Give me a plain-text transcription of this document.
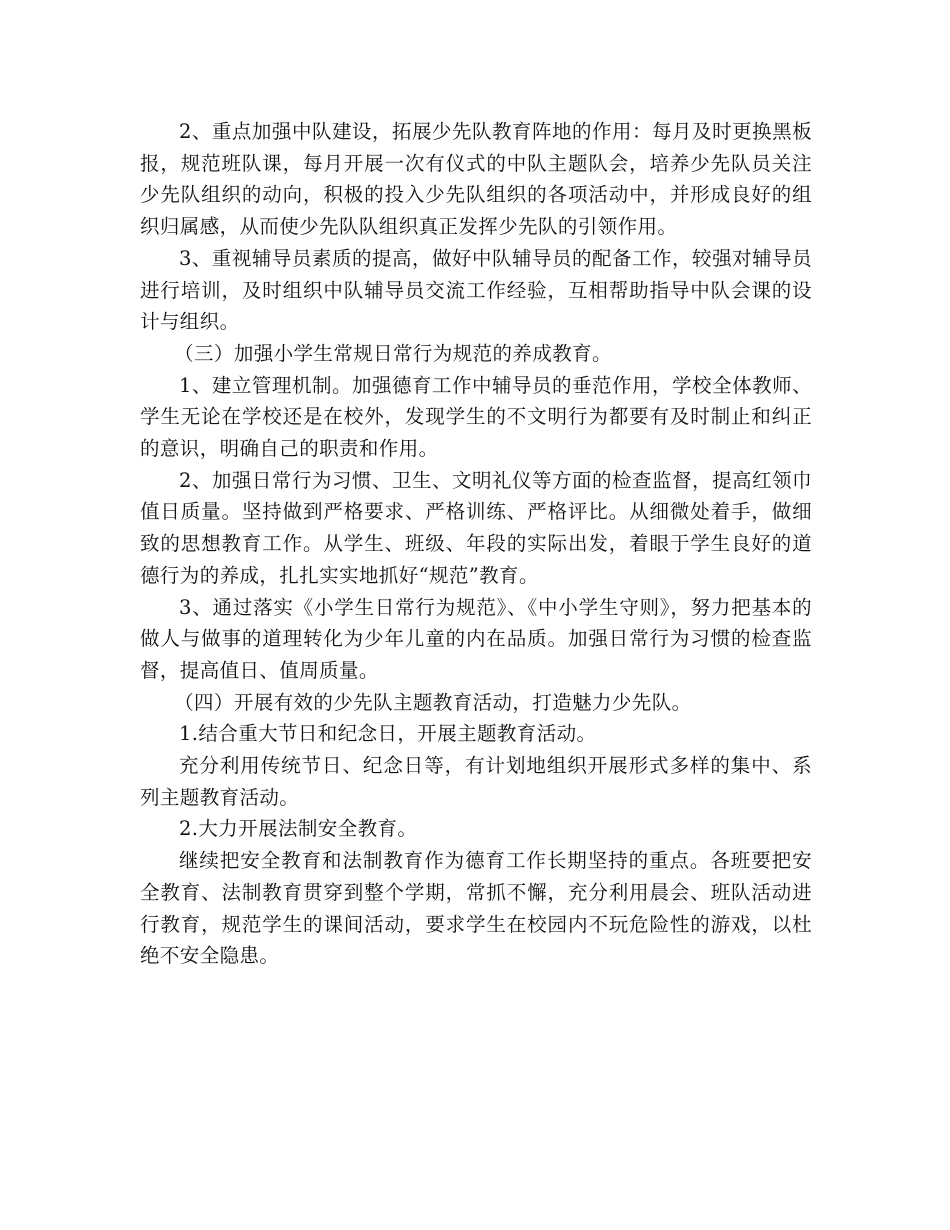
2、重点加强中队建设，拓展少先队教育阵地的作用：每月及时更换黑板报，规范班队课，每月开展一次有仪式的中队主题队会，培养少先队员关注少先队组织的动向，积极的投入少先队组织的各项活动中，并形成良好的组织归属感，从而使少先队队组织真正发挥少先队的引领作用。

3、重视辅导员素质的提高，做好中队辅导员的配备工作，较强对辅导员进行培训，及时组织中队辅导员交流工作经验，互相帮助指导中队会课的设计与组织。

（三）加强小学生常规日常行为规范的养成教育。

1、建立管理机制。加强德育工作中辅导员的垂范作用，学校全体教师、学生无论在学校还是在校外，发现学生的不文明行为都要有及时制止和纠正的意识，明确自己的职责和作用。

2、加强日常行为习惯、卫生、文明礼仪等方面的检查监督，提高红领巾值日质量。坚持做到严格要求、严格训练、严格评比。从细微处着手，做细致的思想教育工作。从学生、班级、年段的实际出发，着眼于学生良好的道德行为的养成，扎扎实实地抓好“规范”教育。

3、通过落实《小学生日常行为规范》、《中小学生守则》，努力把基本的做人与做事的道理转化为少年儿童的内在品质。加强日常行为习惯的检查监督，提高值日、值周质量。

（四）开展有效的少先队主题教育活动，打造魅力少先队。

1.结合重大节日和纪念日，开展主题教育活动。

充分利用传统节日、纪念日等，有计划地组织开展形式多样的集中、系列主题教育活动。

2.大力开展法制安全教育。

继续把安全教育和法制教育作为德育工作长期坚持的重点。各班要把安全教育、法制教育贯穿到整个学期，常抓不懈，充分利用晨会、班队活动进行教育，规范学生的课间活动，要求学生在校园内不玩危险性的游戏，以杜绝不安全隐患。
